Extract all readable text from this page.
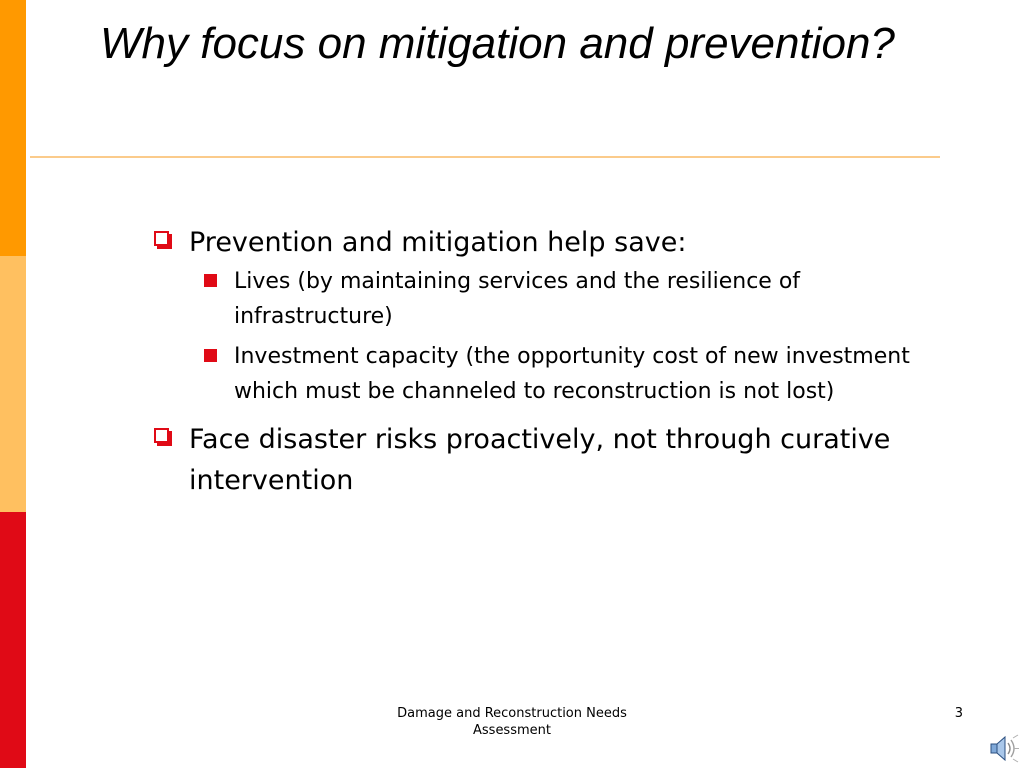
Why focus on mitigation and prevention?
Prevention and mitigation help save:
Lives (by maintaining services and the resilience of infrastructure)
Investment capacity (the opportunity cost of new investment which must be channeled to reconstruction is not lost)
Face disaster risks proactively, not through curative intervention
Damage and Reconstruction Needs Assessment
3
